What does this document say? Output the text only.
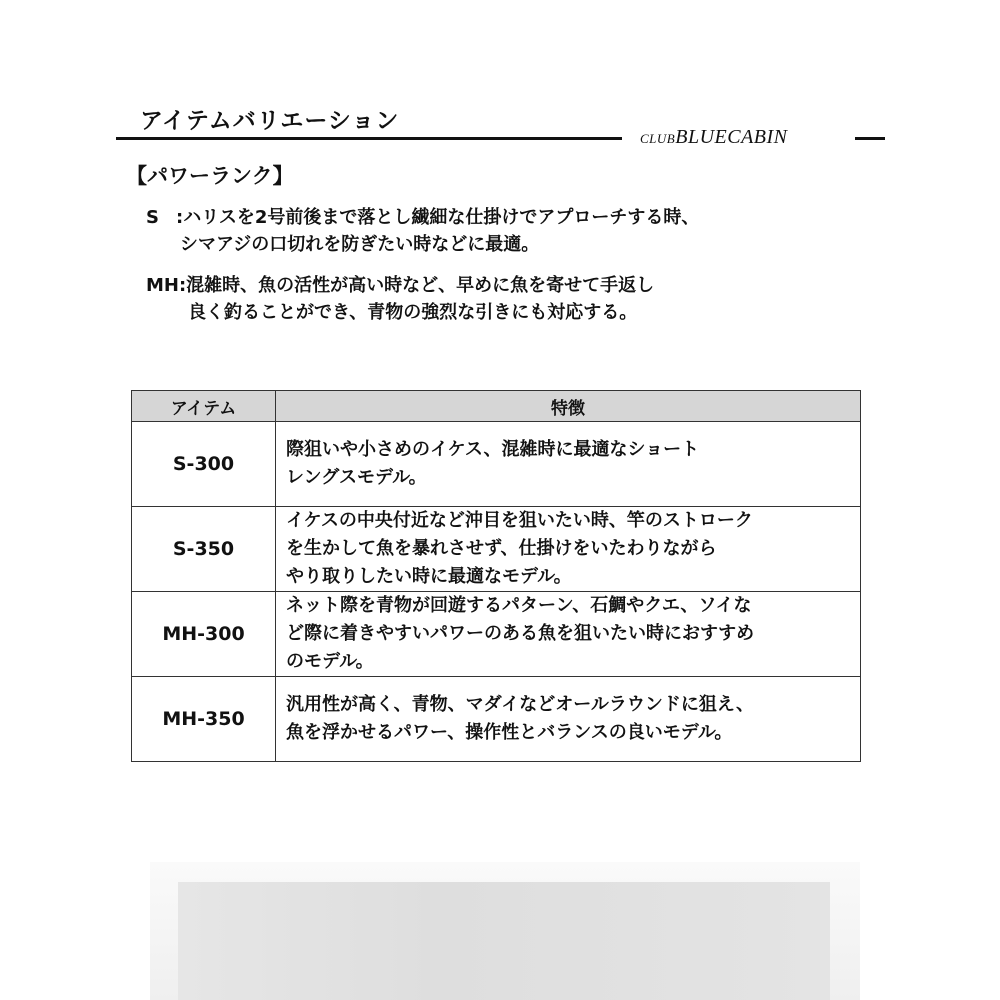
アイテムバリエーション
CLUBBLUECABIN
【パワーランク】
S :ハリスを2号前後まで落とし繊細な仕掛けでアプローチする時、
シマアジの口切れを防ぎたい時などに最適。
MH:混雑時、魚の活性が高い時など、早めに魚を寄せて手返し
良く釣ることができ、青物の強烈な引きにも対応する。
アイテム	特徴
S-300	際狙いや小さめのイケス、混雑時に最適なショート
レングスモデル。
S-350	イケスの中央付近など沖目を狙いたい時、竿のストローク
を生かして魚を暴れさせず、仕掛けをいたわりながら
やり取りしたい時に最適なモデル。
MH-300	ネット際を青物が回遊するパターン、石鯛やクエ、ソイな
ど際に着きやすいパワーのある魚を狙いたい時におすすめ
のモデル。
MH-350	汎用性が高く、青物、マダイなどオールラウンドに狙え、
魚を浮かせるパワー、操作性とバランスの良いモデル。
